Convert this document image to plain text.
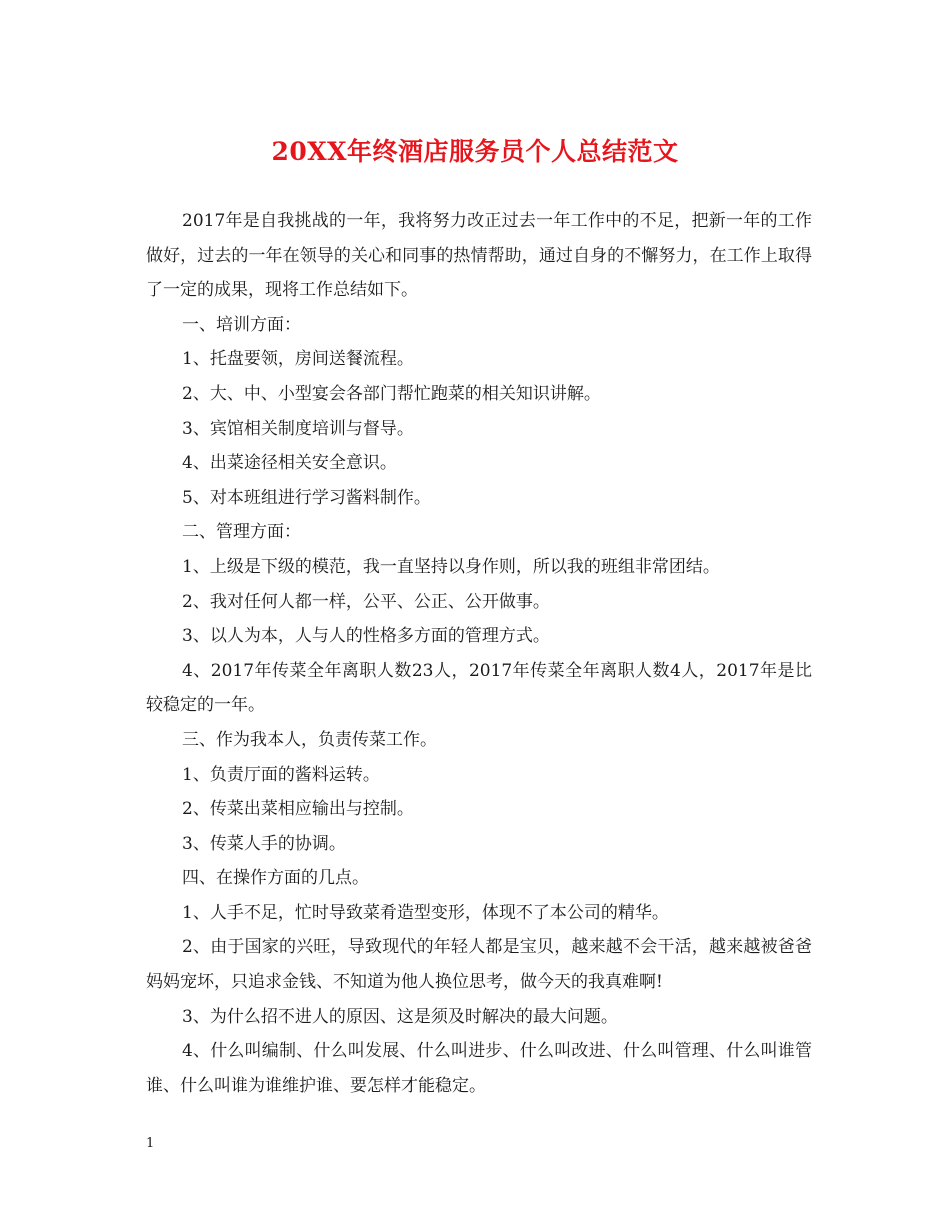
20XX年终酒店服务员个人总结范文

2017年是自我挑战的一年，我将努力改正过去一年工作中的不足，把新一年的工作做好，过去的一年在领导的关心和同事的热情帮助，通过自身的不懈努力，在工作上取得了一定的成果，现将工作总结如下。

一、培训方面：

1、托盘要领，房间送餐流程。

2、大、中、小型宴会各部门帮忙跑菜的相关知识讲解。

3、宾馆相关制度培训与督导。

4、出菜途径相关安全意识。

5、对本班组进行学习酱料制作。

二、管理方面：

1、上级是下级的模范，我一直坚持以身作则，所以我的班组非常团结。

2、我对任何人都一样，公平、公正、公开做事。

3、以人为本，人与人的性格多方面的管理方式。

4、2017年传菜全年离职人数23人，2017年传菜全年离职人数4人，2017年是比较稳定的一年。

三、作为我本人，负责传菜工作。

1、负责厅面的酱料运转。

2、传菜出菜相应输出与控制。

3、传菜人手的协调。

四、在操作方面的几点。

1、人手不足，忙时导致菜肴造型变形，体现不了本公司的精华。

2、由于国家的兴旺，导致现代的年轻人都是宝贝，越来越不会干活，越来越被爸爸妈妈宠坏，只追求金钱、不知道为他人换位思考，做今天的我真难啊!

3、为什么招不进人的原因、这是须及时解决的最大问题。

4、什么叫编制、什么叫发展、什么叫进步、什么叫改进、什么叫管理、什么叫谁管谁、什么叫谁为谁维护谁、要怎样才能稳定。

1
